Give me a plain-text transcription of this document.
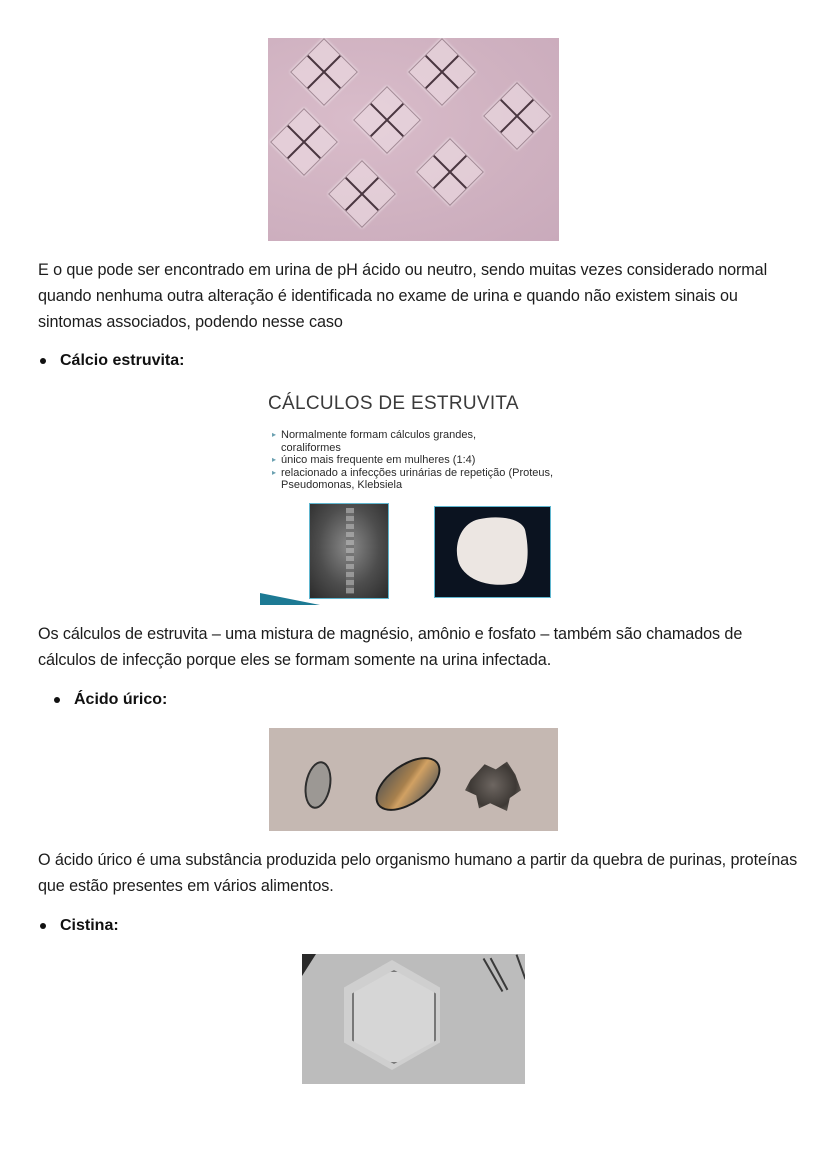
E o que pode ser encontrado em urina de pH ácido ou neutro, sendo muitas vezes considerado normal quando nenhuma outra alteração é identificada no exame de urina e quando não existem sinais ou sintomas associados, podendo nesse caso

Cálcio estruvita:
CÁLCULOS DE ESTRUVITA
▸ Normalmente formam cálculos grandes, coraliformes
▸ único mais frequente em mulheres (1:4)
▸ relacionado a infecções urinárias de repetição (Proteus, Pseudomonas, Klebsiela

Os cálculos de estruvita – uma mistura de magnésio, amônio e fosfato – também são chamados de cálculos de infecção porque eles se formam somente na urina infectada.

Ácido úrico:

O ácido úrico é uma substância produzida pelo organismo humano a partir da quebra de purinas, proteínas que estão presentes em vários alimentos.

Cistina:
